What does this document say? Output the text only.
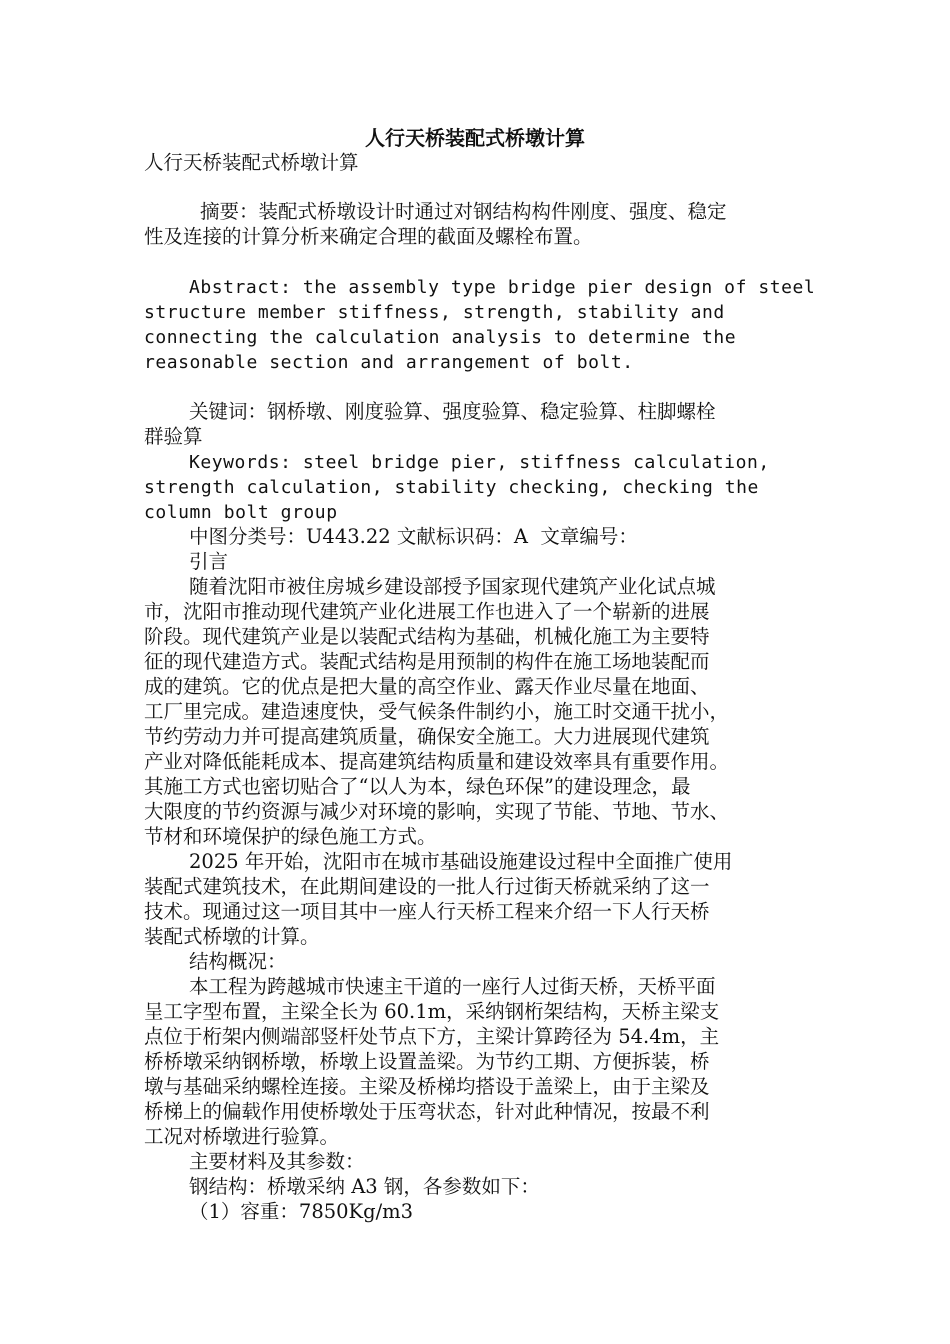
人行天桥装配式桥墩计算
人行天桥装配式桥墩计算
摘要：装配式桥墩设计时通过对钢结构构件刚度、强度、稳定
性及连接的计算分析来确定合理的截面及螺栓布置。
Abstract: the assembly type bridge pier design of steel
structure member stiffness, strength, stability and
connecting the calculation analysis to determine the
reasonable section and arrangement of bolt.
关键词：钢桥墩、刚度验算、强度验算、稳定验算、柱脚螺栓
群验算
Keywords: steel bridge pier, stiffness calculation,
strength calculation, stability checking, checking the
column bolt group
中图分类号：U443.22 文献标识码：A  文章编号：
引言
随着沈阳市被住房城乡建设部授予国家现代建筑产业化试点城
市，沈阳市推动现代建筑产业化进展工作也进入了一个崭新的进展
阶段。现代建筑产业是以装配式结构为基础，机械化施工为主要特
征的现代建造方式。装配式结构是用预制的构件在施工场地装配而
成的建筑。它的优点是把大量的高空作业、露天作业尽量在地面、
工厂里完成。建造速度快，受气候条件制约小，施工时交通干扰小，
节约劳动力并可提高建筑质量，确保安全施工。大力进展现代建筑
产业对降低能耗成本、提高建筑结构质量和建设效率具有重要作用。
其施工方式也密切贴合了“以人为本，绿色环保”的建设理念，最
大限度的节约资源与减少对环境的影响，实现了节能、节地、节水、
节材和环境保护的绿色施工方式。
2025 年开始，沈阳市在城市基础设施建设过程中全面推广使用
装配式建筑技术，在此期间建设的一批人行过街天桥就采纳了这一
技术。现通过这一项目其中一座人行天桥工程来介绍一下人行天桥
装配式桥墩的计算。
结构概况：
本工程为跨越城市快速主干道的一座行人过街天桥，天桥平面
呈工字型布置，主梁全长为 60.1m，采纳钢桁架结构，天桥主梁支
点位于桁架内侧端部竖杆处节点下方，主梁计算跨径为 54.4m，主
桥桥墩采纳钢桥墩，桥墩上设置盖梁。为节约工期、方便拆装，桥
墩与基础采纳螺栓连接。主梁及桥梯均搭设于盖梁上，由于主梁及
桥梯上的偏载作用使桥墩处于压弯状态，针对此种情况，按最不利
工况对桥墩进行验算。
主要材料及其参数：
钢结构：桥墩采纳 A3 钢，各参数如下：
（1）容重：7850Kg/m3
